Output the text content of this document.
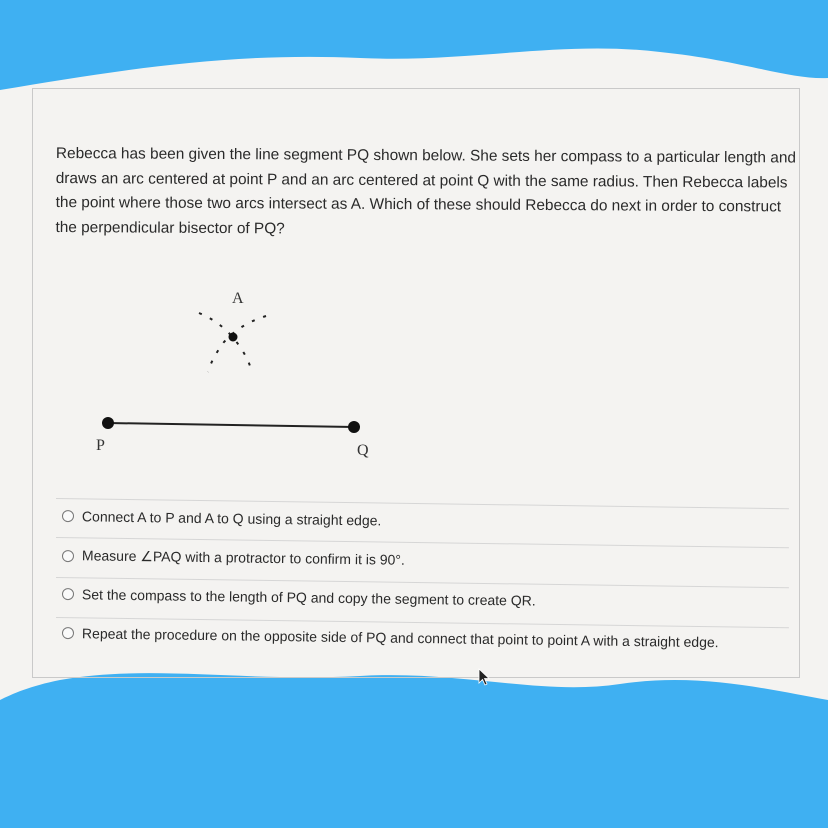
Rebecca has been given the line segment PQ shown below. She sets her compass to a particular length and draws an arc centered at point P and an arc centered at point Q with the same radius. Then Rebecca labels the point where those two arcs intersect as A. Which of these should Rebecca do next in order to construct the perpendicular bisector of PQ?

A
P	Q
Connect A to P and A to Q using a straight edge.
Measure ∠PAQ with a protractor to confirm it is 90°.
Set the compass to the length of PQ and copy the segment to create QR.
Repeat the procedure on the opposite side of PQ and connect that point to point A with a straight edge.
